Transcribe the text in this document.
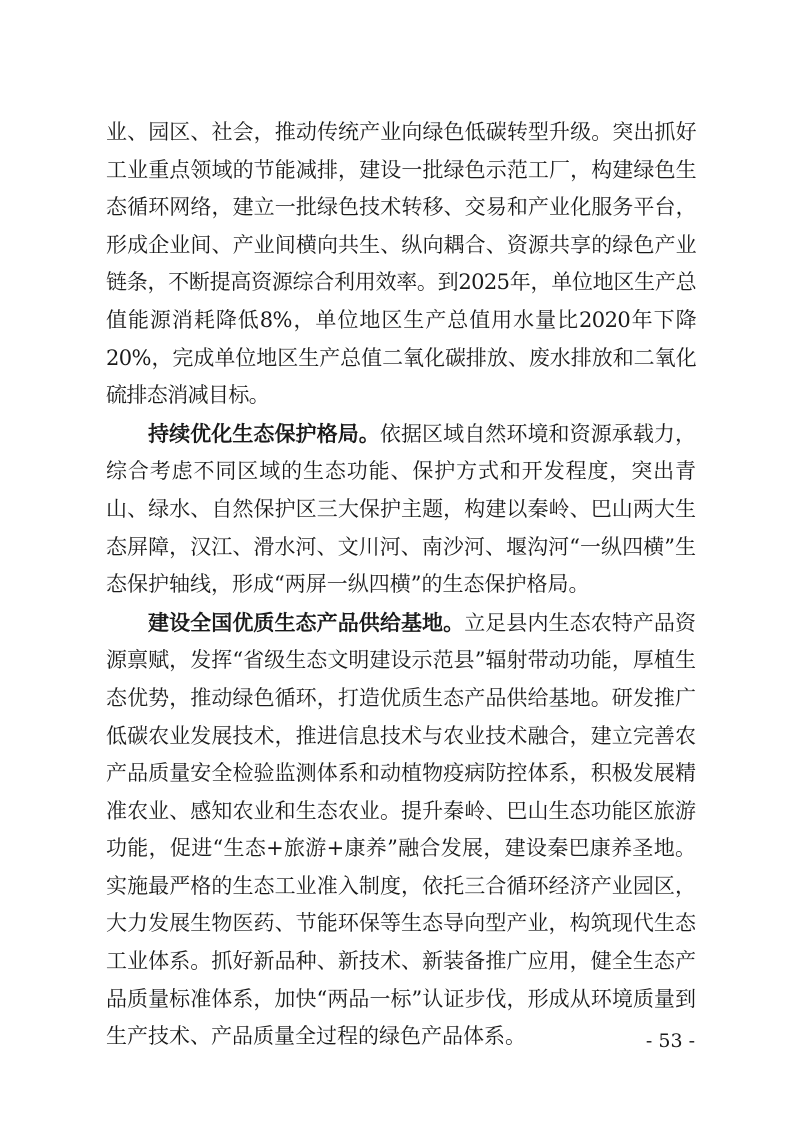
业、园区、社会，推动传统产业向绿色低碳转型升级。突出抓好工业重点领域的节能减排，建设一批绿色示范工厂，构建绿色生态循环网络，建立一批绿色技术转移、交易和产业化服务平台，形成企业间、产业间横向共生、纵向耦合、资源共享的绿色产业链条，不断提高资源综合利用效率。到2025年，单位地区生产总值能源消耗降低8%，单位地区生产总值用水量比2020年下降20%，完成单位地区生产总值二氧化碳排放、废水排放和二氧化硫排态消减目标。

持续优化生态保护格局。依据区域自然环境和资源承载力，综合考虑不同区域的生态功能、保护方式和开发程度，突出青山、绿水、自然保护区三大保护主题，构建以秦岭、巴山两大生态屏障，汉江、滑水河、文川河、南沙河、堰沟河“一纵四横”生态保护轴线，形成“两屏一纵四横”的生态保护格局。

建设全国优质生态产品供给基地。立足县内生态农特产品资源禀赋，发挥“省级生态文明建设示范县”辐射带动功能，厚植生态优势，推动绿色循环，打造优质生态产品供给基地。研发推广低碳农业发展技术，推进信息技术与农业技术融合，建立完善农产品质量安全检验监测体系和动植物疫病防控体系，积极发展精准农业、感知农业和生态农业。提升秦岭、巴山生态功能区旅游功能，促进“生态+旅游+康养”融合发展，建设秦巴康养圣地。实施最严格的生态工业准入制度，依托三合循环经济产业园区，大力发展生物医药、节能环保等生态导向型产业，构筑现代生态工业体系。抓好新品种、新技术、新装备推广应用，健全生态产品质量标准体系，加快“两品一标”认证步伐，形成从环境质量到生产技术、产品质量全过程的绿色产品体系。	- 53 -
